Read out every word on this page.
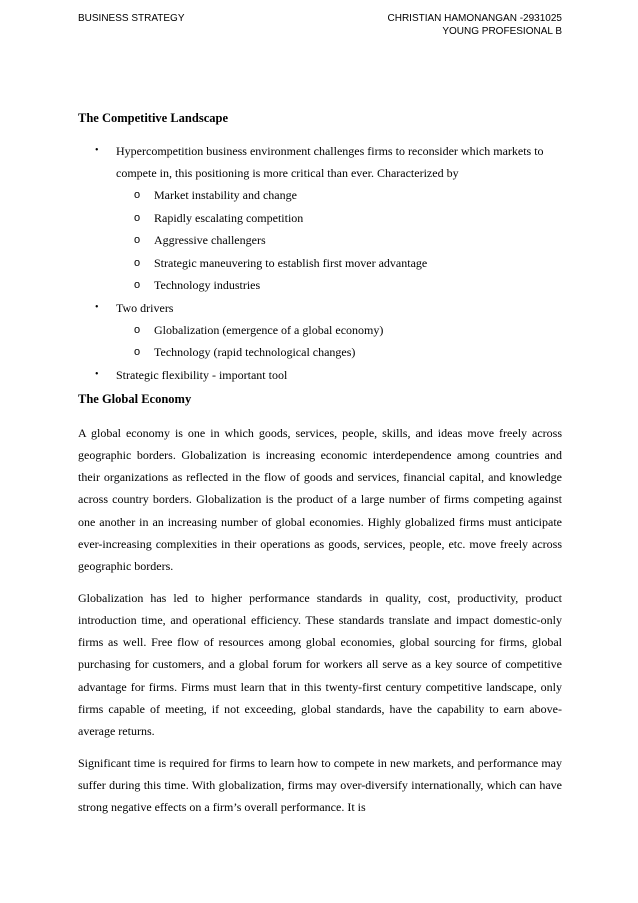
BUSINESS STRATEGY	CHRISTIAN HAMONANGAN -2931025
YOUNG PROFESIONAL B
The Competitive Landscape
• Hypercompetition business environment challenges firms to reconsider which markets to compete in, this positioning is more critical than ever. Characterized by
o Market instability and change
o Rapidly escalating competition
o Aggressive challengers
o Strategic maneuvering to establish first mover advantage
o Technology industries
• Two drivers
o Globalization (emergence of a global economy)
o Technology (rapid technological changes)
• Strategic flexibility - important tool
The Global Economy

A global economy is one in which goods, services, people, skills, and ideas move freely across geographic borders. Globalization is increasing economic interdependence among countries and their organizations as reflected in the flow of goods and services, financial capital, and knowledge across country borders. Globalization is the product of a large number of firms competing against one another in an increasing number of global economies. Highly globalized firms must anticipate ever-increasing complexities in their operations as goods, services, people, etc. move freely across geographic borders.

Globalization has led to higher performance standards in quality, cost, productivity, product introduction time, and operational efficiency. These standards translate and impact domestic-only firms as well. Free flow of resources among global economies, global sourcing for firms, global purchasing for customers, and a global forum for workers all serve as a key source of competitive advantage for firms. Firms must learn that in this twenty-first century competitive landscape, only firms capable of meeting, if not exceeding, global standards, have the capability to earn above-average returns.

Significant time is required for firms to learn how to compete in new markets, and performance may suffer during this time. With globalization, firms may over-diversify internationally, which can have strong negative effects on a firm’s overall performance. It is
